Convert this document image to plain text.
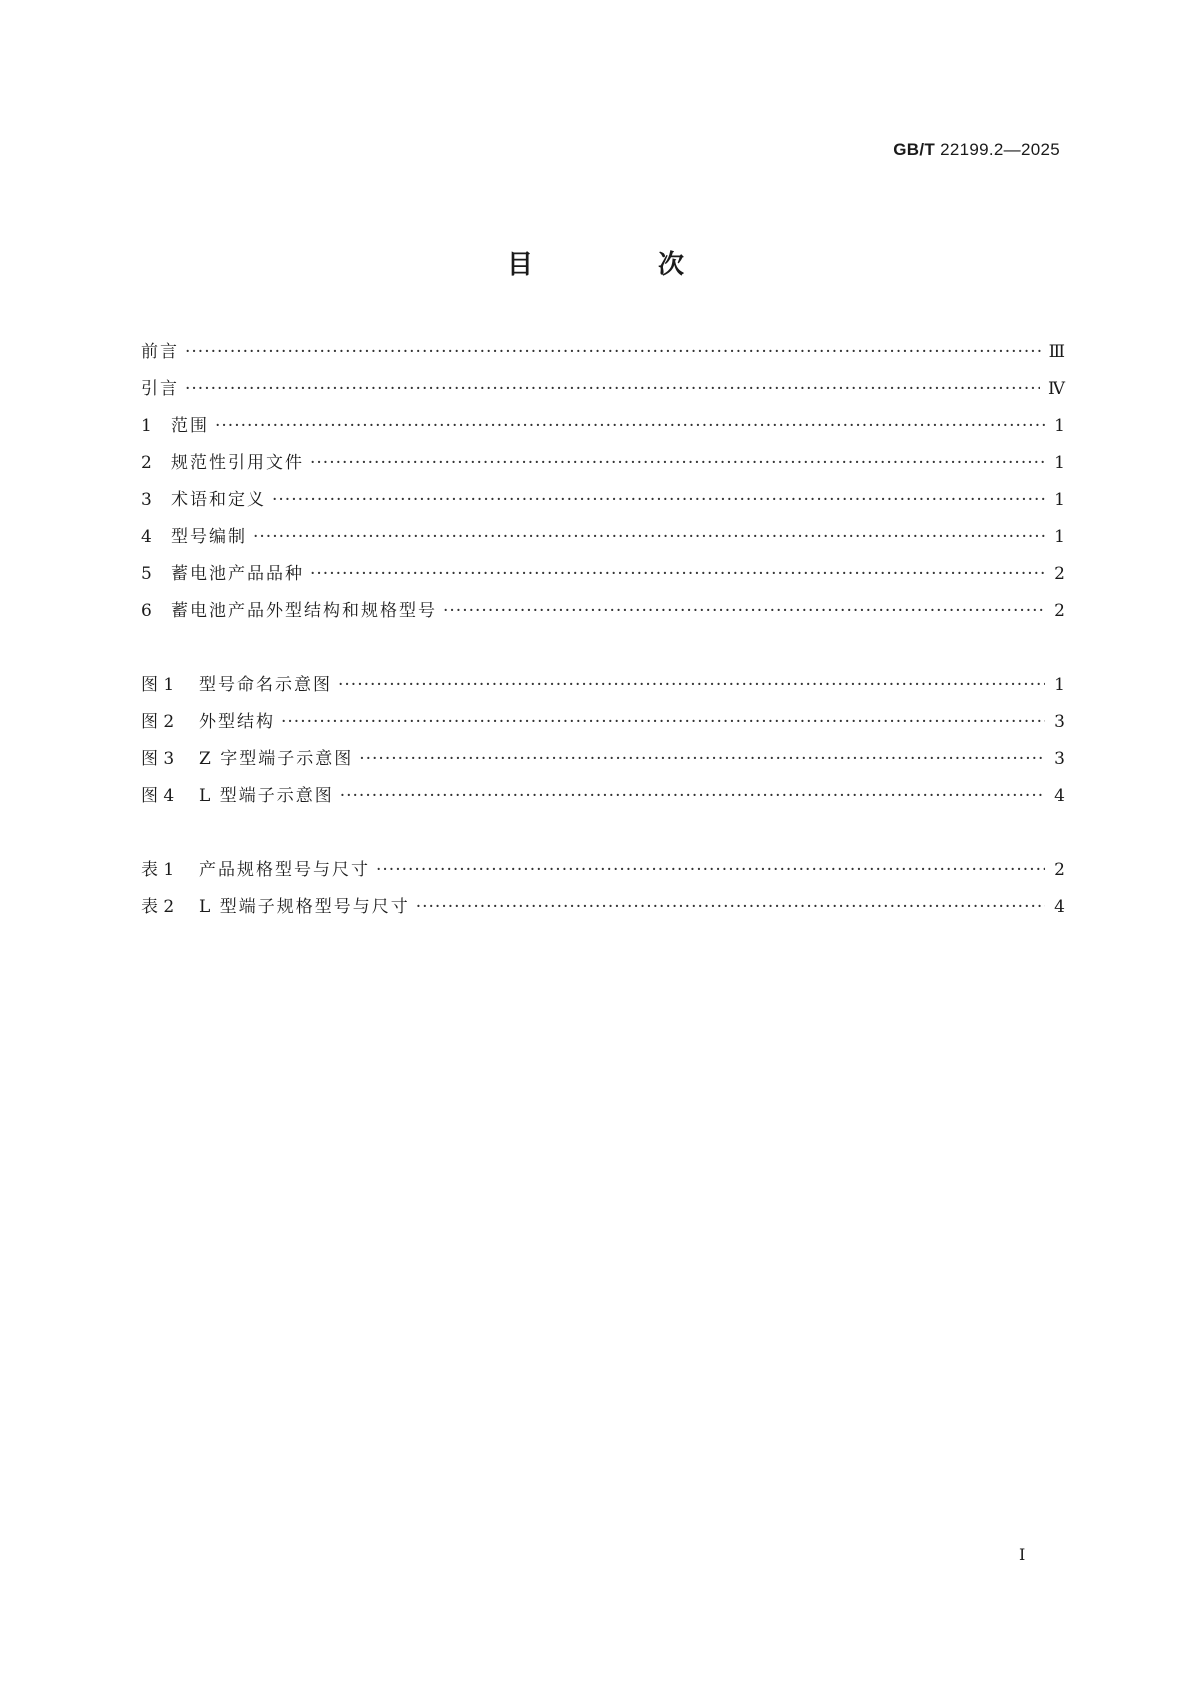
GB/T 22199.2—2025
目 次
前言 ·····	Ⅲ
引言 ·····	Ⅳ
1	范围 ·····	1
2	规范性引用文件 ·····	1
3	术语和定义 ·····	1
4	型号编制 ·····	1
5	蓄电池产品品种 ·····	2
6	蓄电池产品外型结构和规格型号 ·····	2
图 1	型号命名示意图 ·····	1
图 2	外型结构 ·····	3
图 3	Z 字型端子示意图 ·····	3
图 4	L 型端子示意图 ·····	4
表 1	产品规格型号与尺寸 ·····	2
表 2	L 型端子规格型号与尺寸 ·····	4
I
